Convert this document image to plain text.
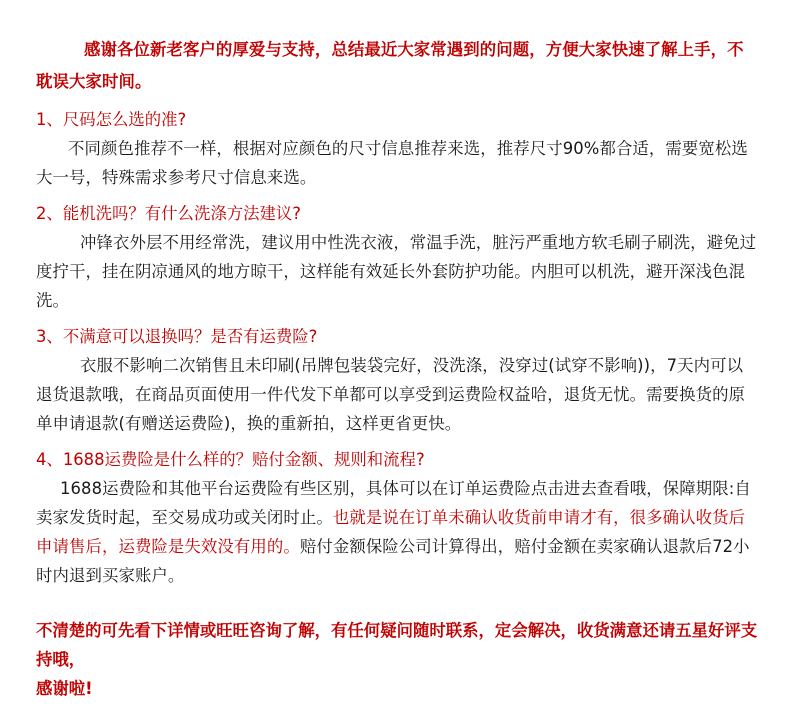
感谢各位新老客户的厚爱与支持，总结最近大家常遇到的问题，方便大家快速了解上手，不耽误大家时间。

1、尺码怎么选的准?

不同颜色推荐不一样，根据对应颜色的尺寸信息推荐来选，推荐尺寸90%都合适，需要宽松选大一号，特殊需求参考尺寸信息来选。

2、能机洗吗？有什么洗涤方法建议?

冲锋衣外层不用经常洗，建议用中性洗衣液，常温手洗，脏污严重地方软毛刷子刷洗，避免过度拧干，挂在阴凉通风的地方晾干，这样能有效延长外套防护功能。内胆可以机洗，避开深浅色混洗。

3、不满意可以退换吗？是否有运费险?

衣服不影响二次销售且未印刷(吊牌包装袋完好，没洗涤，没穿过(试穿不影响))，7天内可以退货退款哦，在商品页面使用一件代发下单都可以享受到运费险权益哈，退货无忧。需要换货的原单申请退款(有赠送运费险)，换的重新拍，这样更省更快。

4、1688运费险是什么样的？赔付金额、规则和流程?

1688运费险和其他平台运费险有些区别，具体可以在订单运费险点击进去查看哦，保障期限:自卖家发货时起，至交易成功或关闭时止。也就是说在订单未确认收货前申请才有，很多确认收货后申请售后，运费险是失效没有用的。赔付金额保险公司计算得出，赔付金额在卖家确认退款后72小时内退到买家账户。

不清楚的可先看下详情或旺旺咨询了解，有任何疑问随时联系，定会解决，收货满意还请五星好评支持哦，

感谢啦!
